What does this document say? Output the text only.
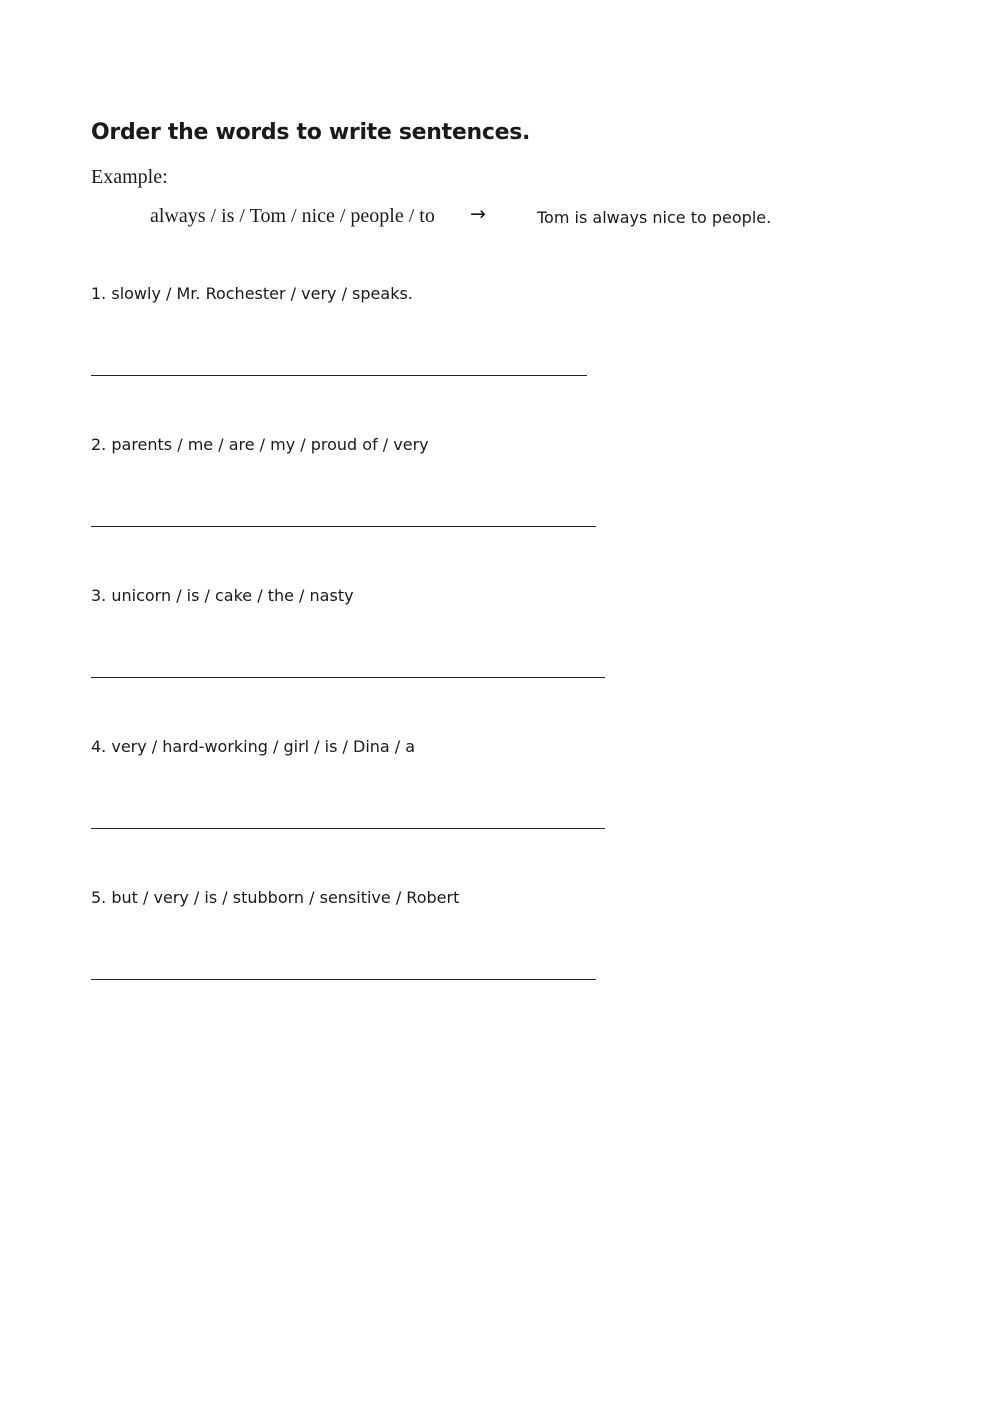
Order the words to write sentences.
Example:
always / is / Tom / nice / people / to →	Tom is always nice to people.
1. slowly / Mr. Rochester / very / speaks.
2. parents / me / are / my / proud of / very
3. unicorn / is / cake / the / nasty
4. very / hard-working / girl / is / Dina / a
5. but / very / is / stubborn / sensitive / Robert
